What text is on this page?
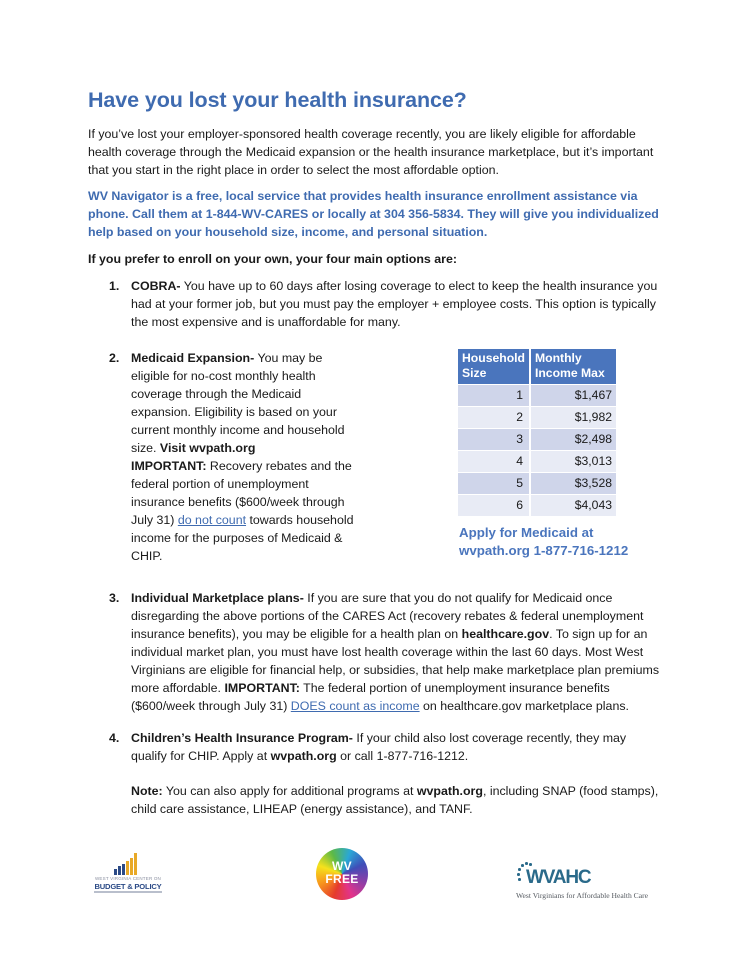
Have you lost your health insurance?

If you’ve lost your employer-sponsored health coverage recently, you are likely eligible for affordable health coverage through the Medicaid expansion or the health insurance marketplace, but it’s important that you start in the right place in order to select the most affordable option.

WV Navigator is a free, local service that provides health insurance enrollment assistance via phone. Call them at 1-844-WV-CARES or locally at 304 356-5834. They will give you individualized help based on your household size, income, and personal situation.

If you prefer to enroll on your own, your four main options are:

1. COBRA- You have up to 60 days after losing coverage to elect to keep the health insurance you had at your former job, but you must pay the employer + employee costs. This option is typically the most expensive and is unaffordable for many.
2. Medicaid Expansion- You may be eligible for no-cost monthly health coverage through the Medicaid expansion. Eligibility is based on your current monthly income and household size. Visit wvpath.org
IMPORTANT: Recovery rebates and the federal portion of unemployment insurance benefits ($600/week through July 31) do not count towards household income for the purposes of Medicaid & CHIP.
Household Size	Monthly Income Max
1	$1,467
2	$1,982
3	$2,498
4	$3,013
5	$3,528
6	$4,043

Apply for Medicaid at wvpath.org 1-877-716-1212

3. Individual Marketplace plans- If you are sure that you do not qualify for Medicaid once disregarding the above portions of the CARES Act (recovery rebates & federal unemployment insurance benefits), you may be eligible for a health plan on healthcare.gov. To sign up for an individual market plan, you must have lost health coverage within the last 60 days. Most West Virginians are eligible for financial help, or subsidies, that help make marketplace plan premiums more affordable. IMPORTANT: The federal portion of unemployment insurance benefits ($600/week through July 31) DOES count as income on healthcare.gov marketplace plans.
4. Children’s Health Insurance Program- If your child also lost coverage recently, they may qualify for CHIP. Apply at wvpath.org or call 1-877-716-1212.

Note: You can also apply for additional programs at wvpath.org, including SNAP (food stamps), child care assistance, LIHEAP (energy assistance), and TANF.

WEST VIRGINIA CENTER ON
BUDGET & POLICY
WV
FREE	WVAHC
West Virginians for Affordable Health Care
